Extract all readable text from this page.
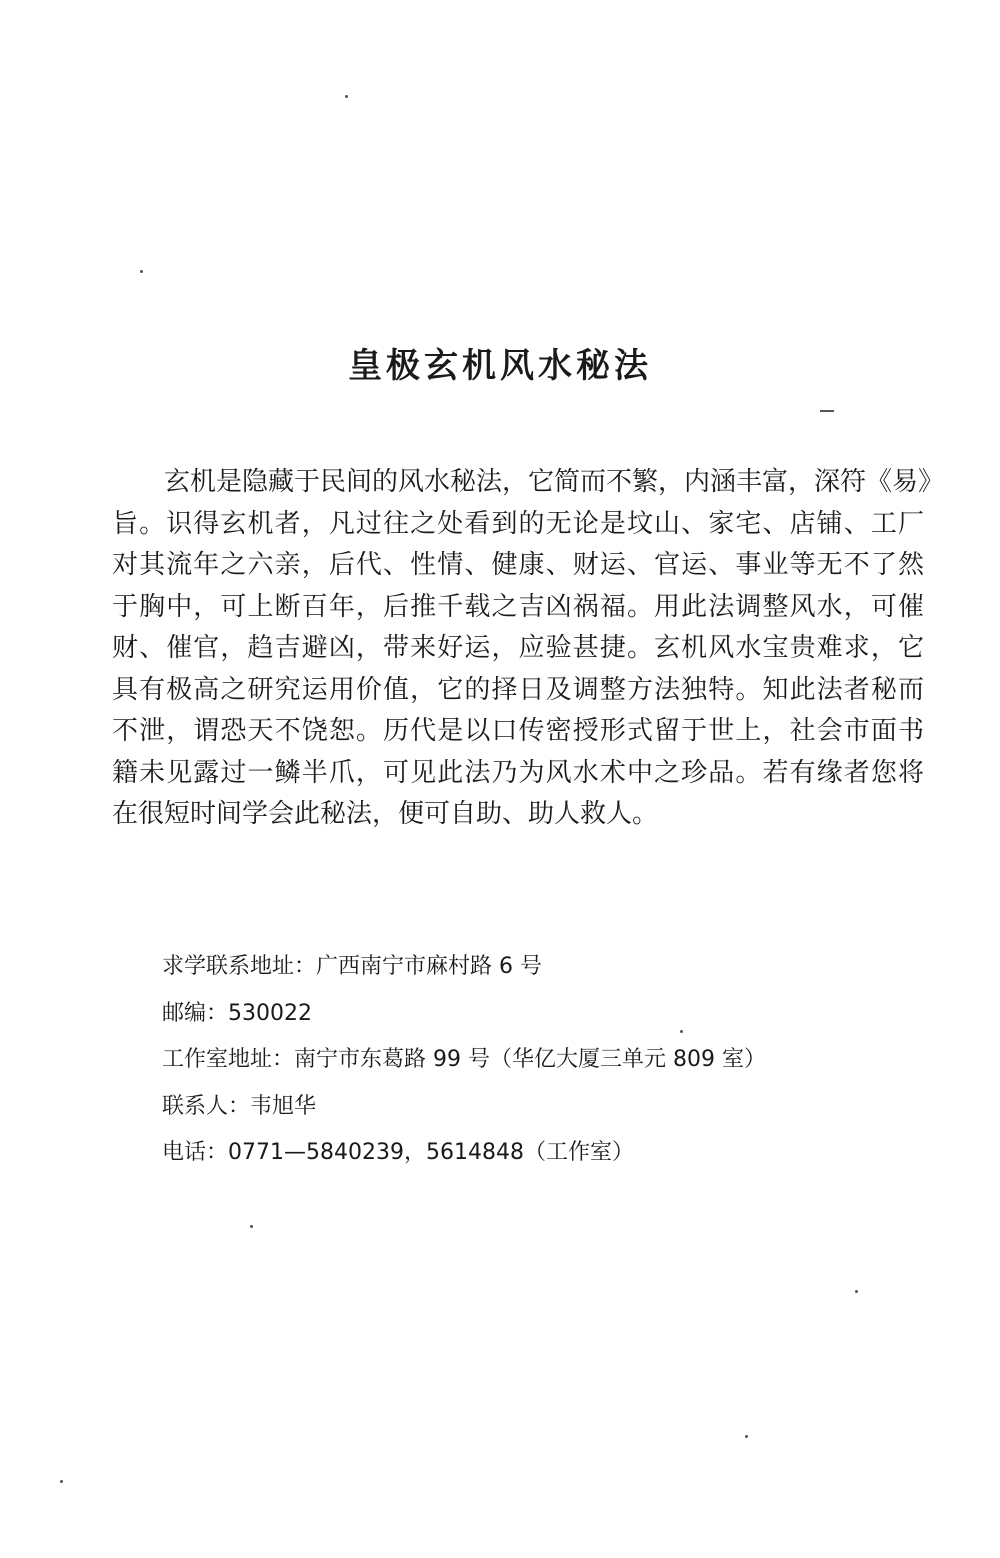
皇极玄机风水秘法
玄机是隐藏于民间的风水秘法，它简而不繁，内涵丰富，深符《易》
旨。识得玄机者，凡过往之处看到的无论是坟山、家宅、店铺、工厂
对其流年之六亲，后代、性情、健康、财运、官运、事业等无不了然
于胸中，可上断百年，后推千载之吉凶祸福。用此法调整风水，可催
财、催官，趋吉避凶，带来好运，应验甚捷。玄机风水宝贵难求，它
具有极高之研究运用价值，它的择日及调整方法独特。知此法者秘而
不泄，谓恐天不饶恕。历代是以口传密授形式留于世上，社会市面书
籍未见露过一鳞半爪，可见此法乃为风水术中之珍品。若有缘者您将
在很短时间学会此秘法，便可自助、助人救人。
求学联系地址：广西南宁市麻村路 6 号
邮编：530022
工作室地址：南宁市东葛路 99 号（华亿大厦三单元 809 室）
联系人：韦旭华
电话：0771—5840239，5614848（工作室）
